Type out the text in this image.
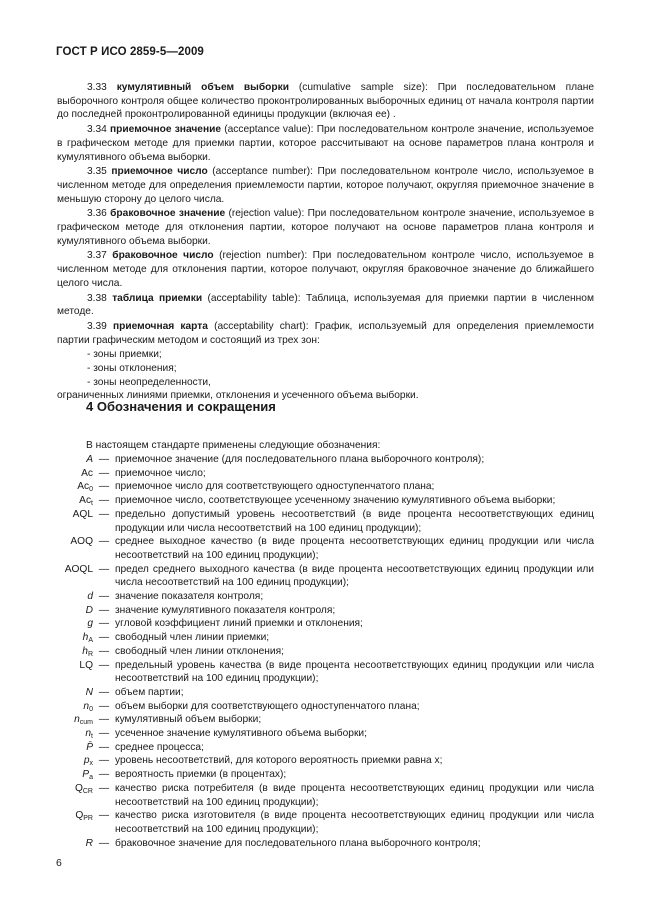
ГОСТ Р ИСО 2859-5—2009

3.33 кумулятивный объем выборки (cumulative sample size): При последовательном плане выборочного контроля общее количество проконтролированных выборочных единиц от начала контроля партии до последней проконтролированной единицы продукции (включая ее) .

3.34 приемочное значение (acceptance value): При последовательном контроле значение, используемое в графическом методе для приемки партии, которое рассчитывают на основе параметров плана контроля и кумулятивного объема выборки.

3.35 приемочное число (acceptance number): При последовательном контроле число, используемое в численном методе для определения приемлемости партии, которое получают, округляя приемочное значение в меньшую сторону до целого числа.

3.36 браковочное значение (rejection value): При последовательном контроле значение, используемое в графическом методе для отклонения партии, которое получают на основе параметров плана контроля и кумулятивного объема выборки.

3.37 браковочное число (rejection number): При последовательном контроле число, используемое в численном методе для отклонения партии, которое получают, округляя браковочное значение до ближайшего целого числа.

3.38 таблица приемки (acceptability table): Таблица, используемая для приемки партии в численном методе.

3.39 приемочная карта (acceptability chart): График, используемый для определения приемлемости партии графическим методом и состоящий из трех зон:

- зоны приемки;
- зоны отклонения;
- зоны неопределенности,

ограниченных линиями приемки, отклонения и усеченного объема выборки.

4 Обозначения и сокращения
В настоящем стандарте применены следующие обозначения:
A — приемочное значение (для последовательного плана выборочного контроля);
Ac — приемочное число;
$Ac_0$ — приемочное число для соответствующего одноступенчатого плана;
$Ac_t$ — приемочное число, соответствующее усеченному значению кумулятивного объема выборки;
AQL — предельно допустимый уровень несоответствий (в виде процента несоответствующих единиц продукции или числа несоответствий на 100 единиц продукции);
AOQ — среднее выходное качество (в виде процента несоответствующих единиц продукции или числа несоответствий на 100 единиц продукции);
AOQL — предел среднего выходного качества (в виде процента несоответствующих единиц продукции или числа несоответствий на 100 единиц продукции);
d — значение показателя контроля;
D — значение кумулятивного показателя контроля;
g — угловой коэффициент линий приемки и отклонения;
$h_A$ — свободный член линии приемки;
$h_R$ — свободный член линии отклонения;
LQ — предельный уровень качества (в виде процента несоответствующих единиц продукции или числа несоответствий на 100 единиц продукции);
N — объем партии;
$n_0$ — объем выборки для соответствующего одноступенчатого плана;
$n_{cum}$ — кумулятивный объем выборки;
$n_t$ — усеченное значение кумулятивного объема выборки;
P̄ — среднее процесса;
$p_x$ — уровень несоответствий, для которого вероятность приемки равна x;
$P_a$ — вероятность приемки (в процентах);
$Q_{CR}$ — качество риска потребителя (в виде процента несоответствующих единиц продукции или числа несоответствий на 100 единиц продукции);
$Q_{PR}$ — качество риска изготовителя (в виде процента несоответствующих единиц продукции или числа несоответствий на 100 единиц продукции);
R — браковочное значение для последовательного плана выборочного контроля;
6
